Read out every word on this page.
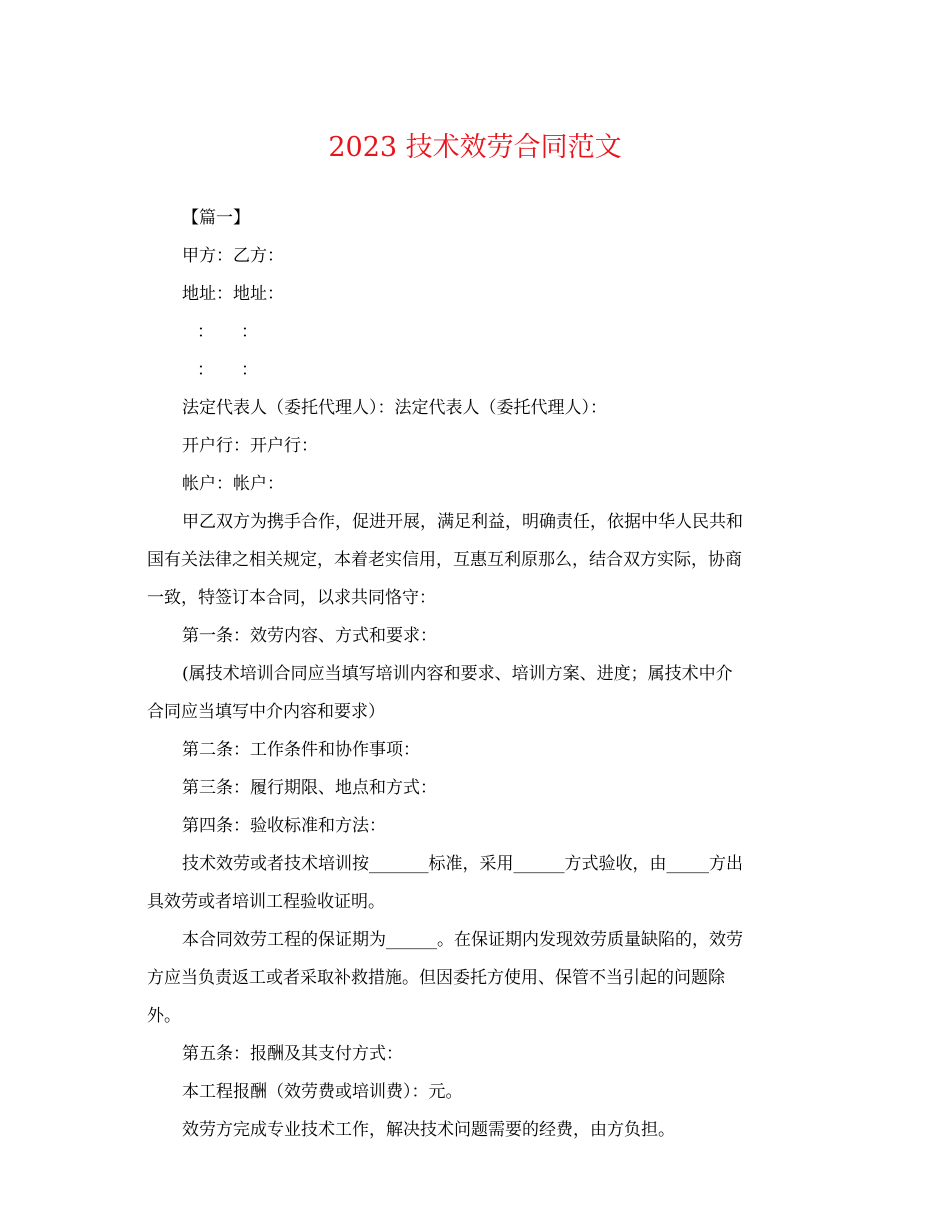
2023 技术效劳合同范文
【篇一】
甲方：乙方：
地址：地址：
：     ：
：     ：
法定代表人（委托代理人）：法定代表人（委托代理人）：
开户行：开户行：
帐户：帐户：
甲乙双方为携手合作，促进开展，满足利益，明确责任，依据中华人民共和
国有关法律之相关规定，本着老实信用，互惠互利原那么，结合双方实际，协商
一致，特签订本合同，以求共同恪守：
第一条：效劳内容、方式和要求：
(属技术培训合同应当填写培训内容和要求、培训方案、进度；属技术中介
合同应当填写中介内容和要求）
第二条：工作条件和协作事项：
第三条：履行期限、地点和方式：
第四条：验收标准和方法：
技术效劳或者技术培训按_______标准，采用______方式验收，由_____方出
具效劳或者培训工程验收证明。
本合同效劳工程的保证期为______。在保证期内发现效劳质量缺陷的，效劳
方应当负责返工或者采取补救措施。但因委托方使用、保管不当引起的问题除
外。
第五条：报酬及其支付方式：
本工程报酬（效劳费或培训费）：元。
效劳方完成专业技术工作，解决技术问题需要的经费，由方负担。
